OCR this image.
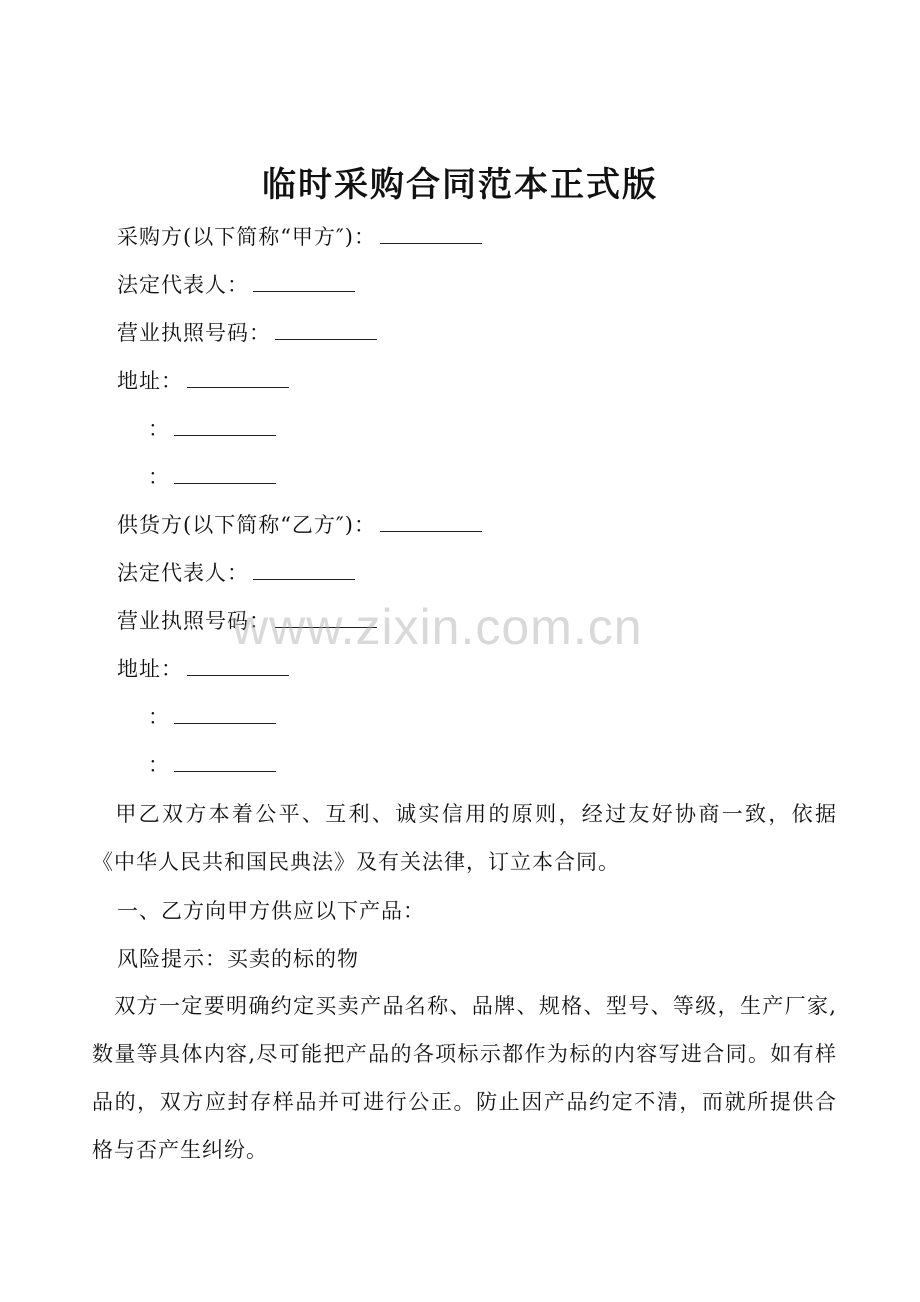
临时采购合同范本正式版
采购方(以下简称“甲方″)：
法定代表人：
营业执照号码：
地址：
：
：
供货方(以下简称“乙方″)：
法定代表人：
营业执照号码：
地址：
：
：
　甲乙双方本着公平、互利、诚实信用的原则，经过友好协商一致，依据《中华人民共和国民典法》及有关法律，订立本合同。
一、乙方向甲方供应以下产品：
风险提示：买卖的标的物
　双方一定要明确约定买卖产品名称、品牌、规格、型号、等级，生产厂家,数量等具体内容,尽可能把产品的各项标示都作为标的内容写进合同。如有样品的，双方应封存样品并可进行公正。防止因产品约定不清，而就所提供合格与否产生纠纷。
www.zixin.com.cn
